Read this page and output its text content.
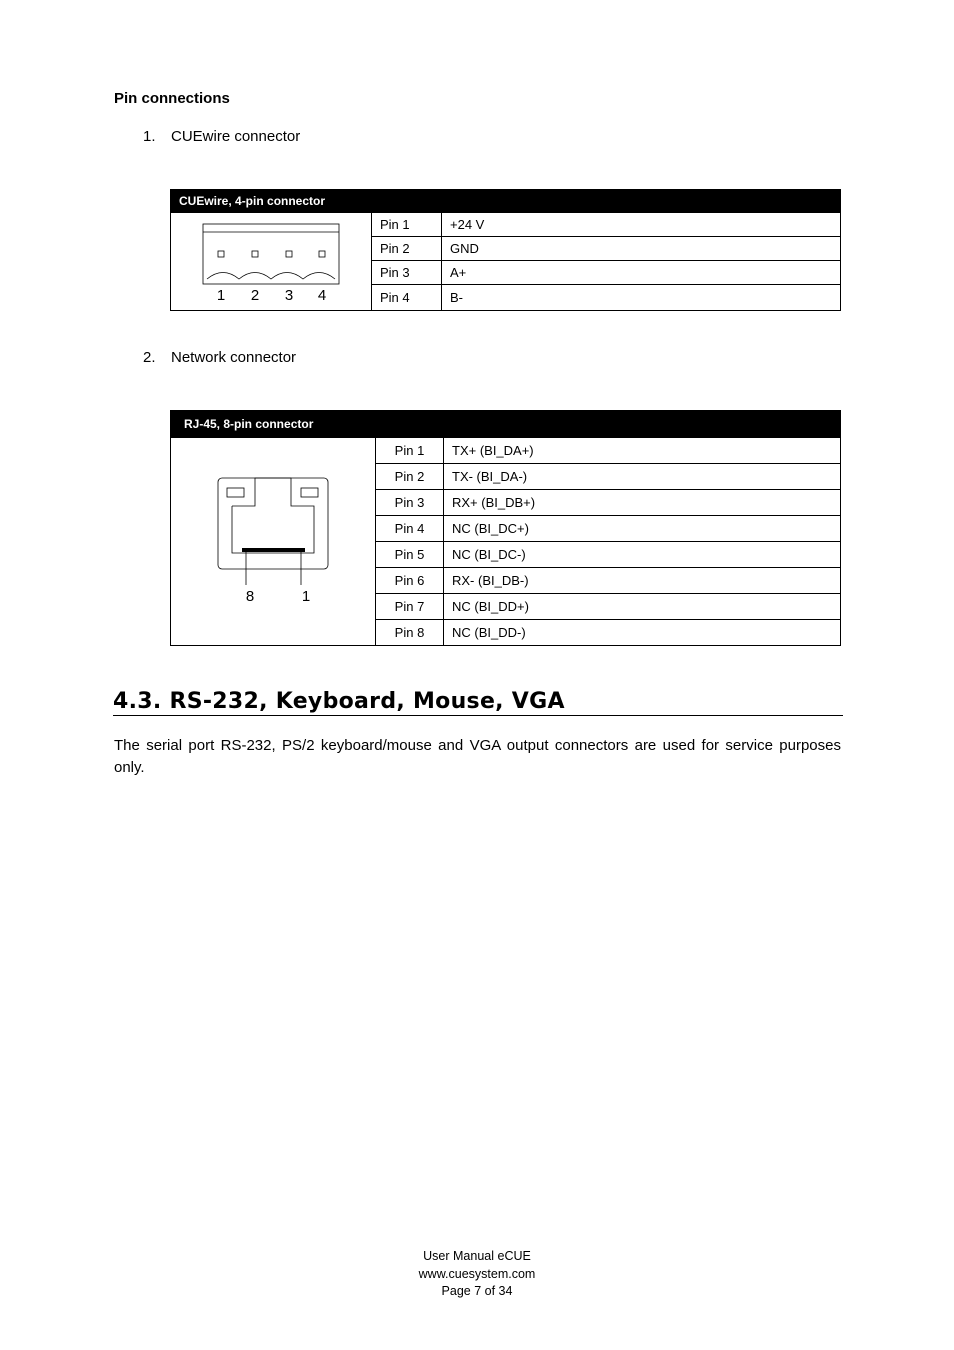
Pin connections
1. CUEwire connector
CUEwire, 4-pin connector		

1 2 3 4	Pin 1	+24 V
	Pin 2	GND
	Pin 3	A+
	Pin 4	B-
2. Network connector
RJ-45, 8-pin connector		

8 1	Pin 1	TX+ (BI_DA+)
	Pin 2	TX- (BI_DA-)
	Pin 3	RX+ (BI_DB+)
	Pin 4	NC (BI_DC+)
	Pin 5	NC (BI_DC-)
	Pin 6	RX- (BI_DB-)
	Pin 7	NC (BI_DD+)
	Pin 8	NC (BI_DD-)
4.3. RS-232, Keyboard, Mouse, VGA
The serial port RS-232, PS/2 keyboard/mouse and VGA output connectors are used for service purposes only.
User Manual eCUE
www.cuesystem.com
Page 7 of 34
